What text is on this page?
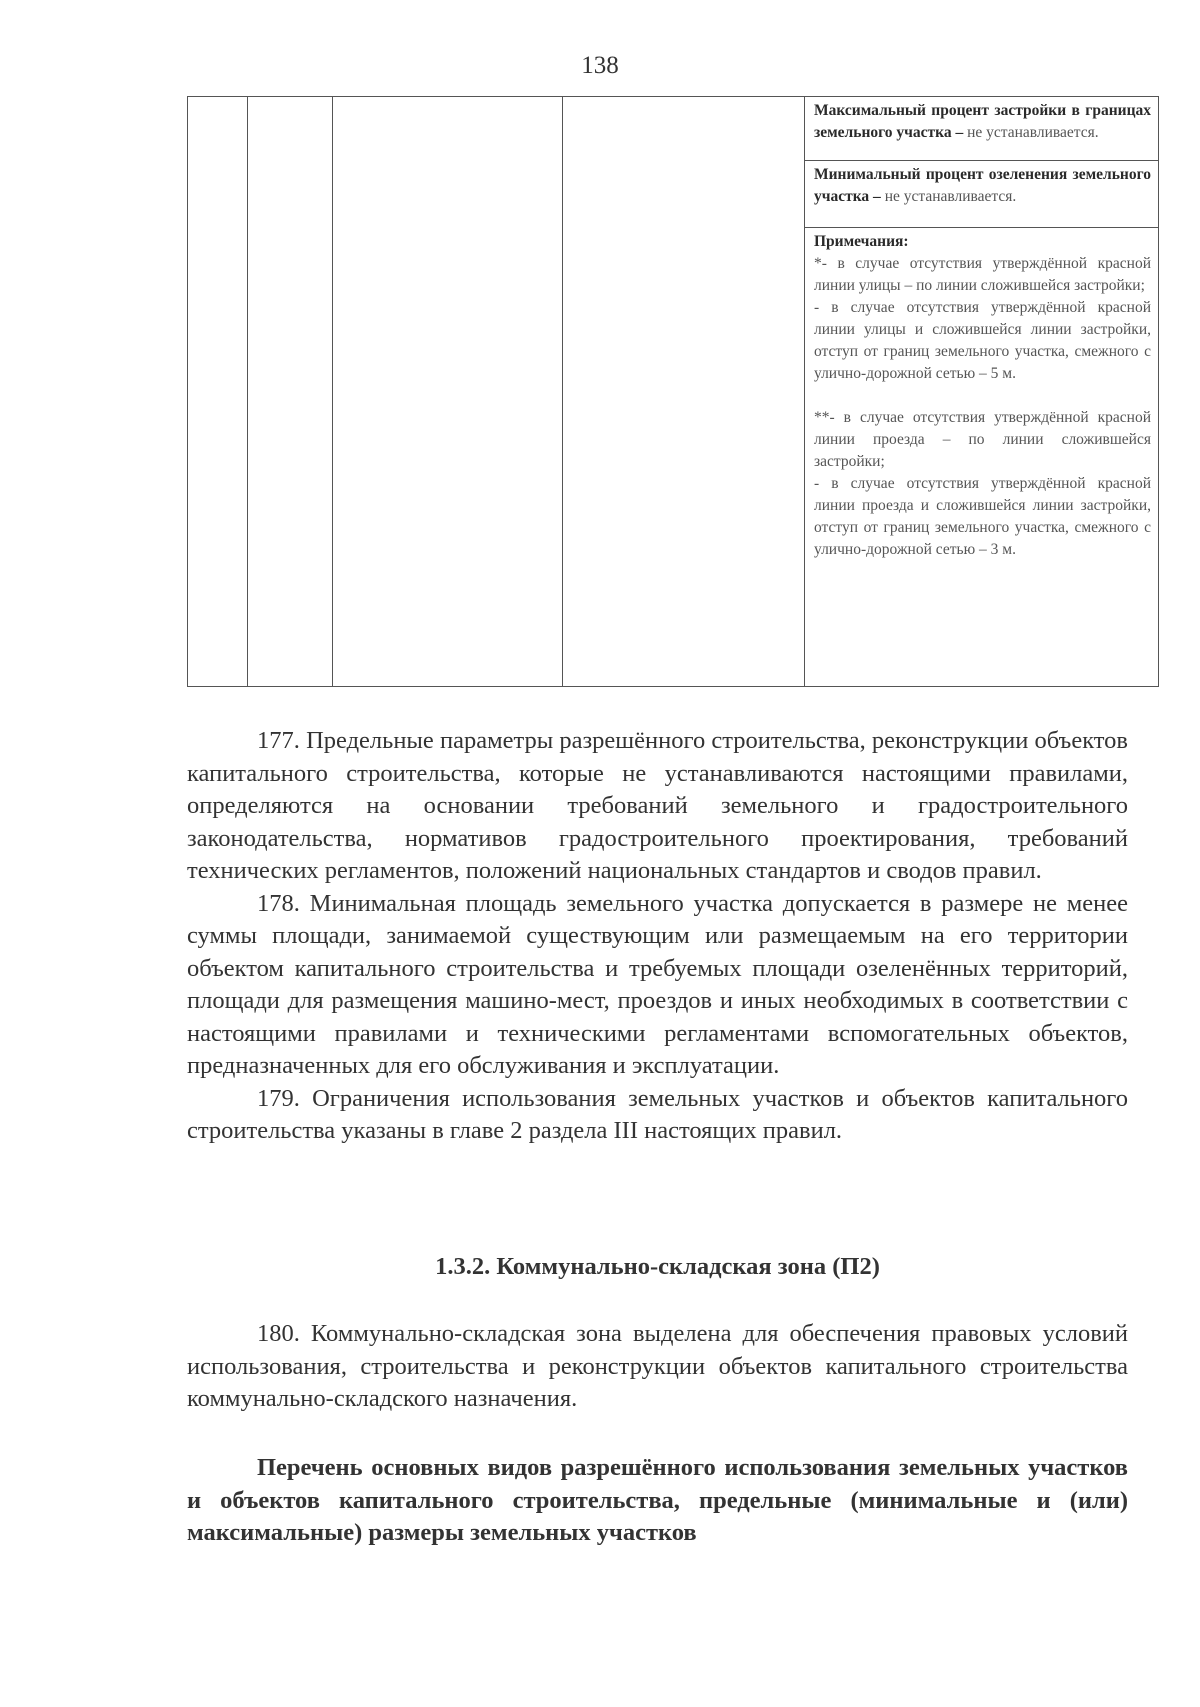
138

Максимальный процент застройки в границах земельного участка – не устанавливается.

Минимальный процент озеленения земельного участка – не устанавливается.

Примечания:

*- в случае отсутствия утверждённой красной линии улицы – по линии сложившейся застройки;

- в случае отсутствия утверждённой красной линии улицы и сложившейся линии застройки, отступ от границ земельного участка, смежного с улично-дорожной сетью – 5 м.

**- в случае отсутствия утверждённой красной линии проезда – по линии сложившейся застройки;

- в случае отсутствия утверждённой красной линии проезда и сложившейся линии застройки, отступ от границ земельного участка, смежного с улично-дорожной сетью – 3 м.

177. Предельные параметры разрешённого строительства, реконструкции объектов капитального строительства, которые не устанавливаются настоящими правилами, определяются на основании требований земельного и градостроительного законодательства, нормативов градостроительного проектирования, требований технических регламентов, положений национальных стандартов и сводов правил.

178. Минимальная площадь земельного участка допускается в размере не менее суммы площади, занимаемой существующим или размещаемым на его территории объектом капитального строительства и требуемых площади озеленённых территорий, площади для размещения машино-мест, проездов и иных необходимых в соответствии с настоящими правилами и техническими регламентами вспомогательных объектов, предназначенных для его обслуживания и эксплуатации.

179. Ограничения использования земельных участков и объектов капитального строительства указаны в главе 2 раздела III настоящих правил.

1.3.2. Коммунально-складская зона (П2)

180. Коммунально-складская зона выделена для обеспечения правовых условий использования, строительства и реконструкции объектов капитального строительства коммунально-складского назначения.

Перечень основных видов разрешённого использования земельных участков и объектов капитального строительства, предельные (минимальные и (или) максимальные) размеры земельных участков
